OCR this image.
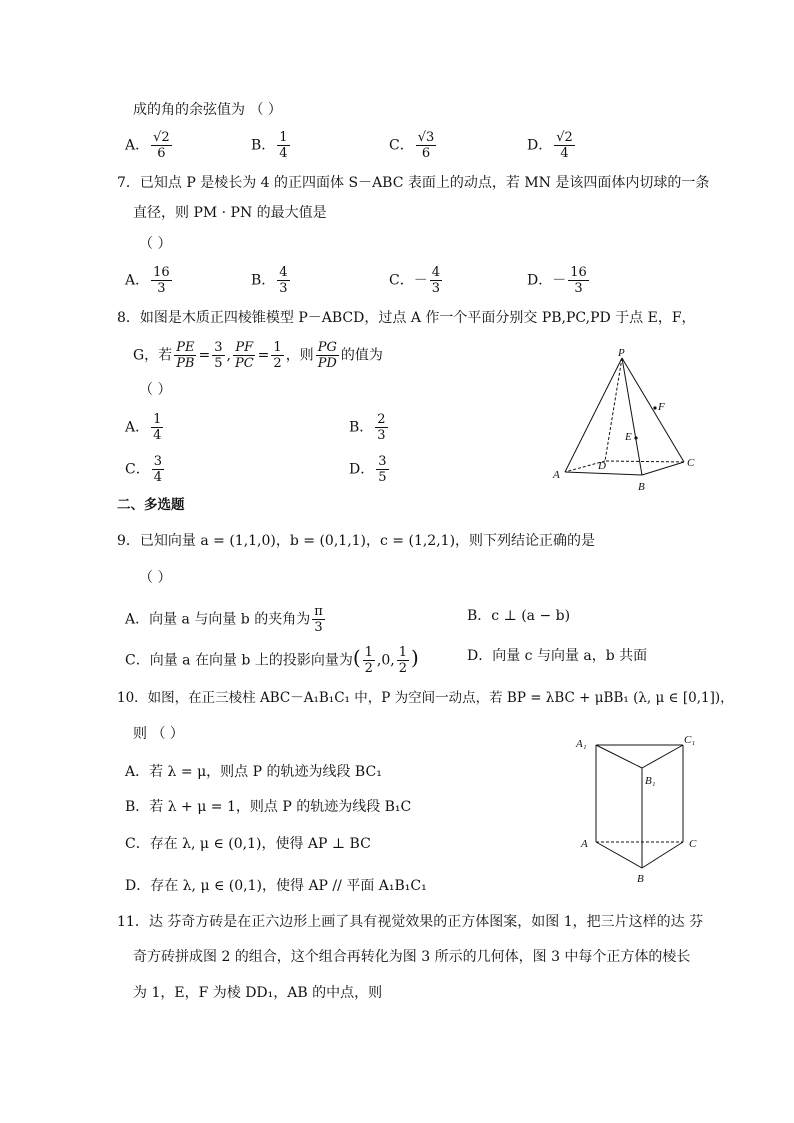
成的角的余弦值为 （ ）
A． $\frac{√2}{6}$	B． $\frac{1}{4}$	C． $\frac{√3}{6}$	D． $\frac{√2}{4}$
7．已知点 P 是棱长为 4 的正四面体 S－ABC 表面上的动点，若 MN 是该四面体内切球的一条
直径，则 PM · PN 的最大值是
（ ）
A． $\frac{16}{3}$	B． $\frac{4}{3}$	C．－ $\frac{4}{3}$	D．－ $\frac{16}{3}$
8．如图是木质正四棱锥模型 P－ABCD，过点 A 作一个平面分别交 PB,PC,PD 于点 E，F，
G，若 $\frac{PE}{PB} = \frac{3}{5}$ , $\frac{PF}{PC} = \frac{1}{2}$ ，则 $\frac{PG}{PD}$ 的值为
（ ）
A． $\frac{1}{4}$	B． $\frac{2}{3}$
C． $\frac{3}{4}$	D． $\frac{3}{5}$
P
F
E
D	C
A
B
二、多选题
9．已知向量 a = (1,1,0)，b = (0,1,1)，c = (1,2,1)，则下列结论正确的是
（ ）
A．向量 a 与向量 b 的夹角为 $\frac{\pi}{3}$	B．c ⊥ (a − b)
C．向量 a 在向量 b 上的投影向量为( $\frac{1}{2} ,0$, $\frac{1}{2}$ )	D．向量 c 与向量 a，b 共面
10．如图，在正三棱柱 ABC－A₁B₁C₁ 中，P 为空间一动点，若 BP = λBC + μBB₁ (λ, μ ∈ [0,1])，
则 （ ）
A．若 λ = μ，则点 P 的轨迹为线段 BC₁
B．若 λ + μ = 1，则点 P 的轨迹为线段 B₁C
C．存在 λ, μ ∈ (0,1)，使得 AP ⊥ BC
D．存在 λ, μ ∈ (0,1)，使得 AP // 平面 A₁B₁C₁
A₁	C₁
B₁
A	C
B
11．达 芬奇方砖是在正六边形上画了具有视觉效果的正方体图案，如图 1，把三片这样的达 芬
奇方砖拼成图 2 的组合，这个组合再转化为图 3 所示的几何体，图 3 中每个正方体的棱长
为 1，E，F 为棱 DD₁，AB 的中点，则
